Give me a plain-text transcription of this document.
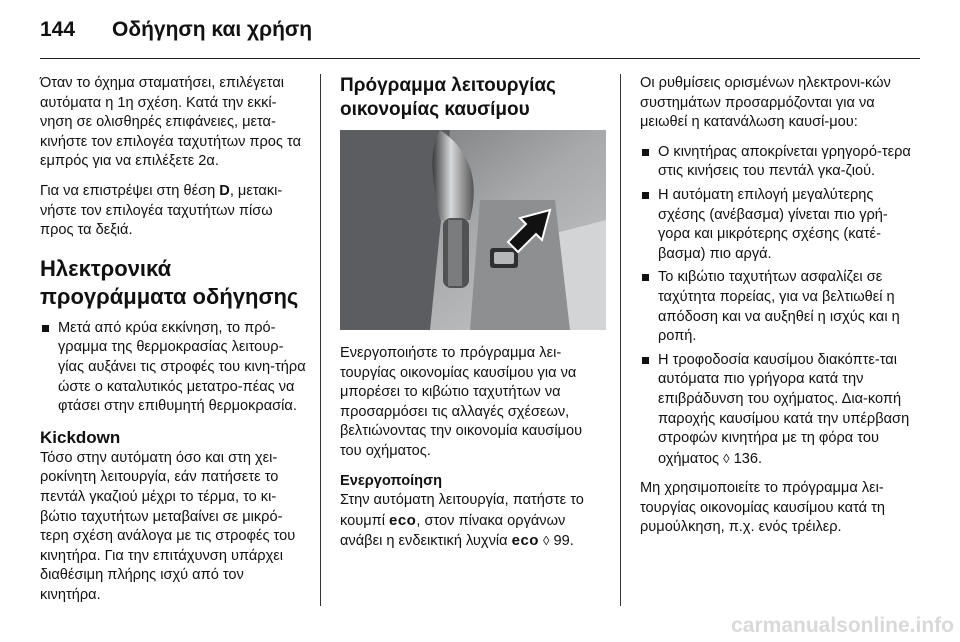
144	Οδήγηση και χρήση

Όταν το όχημα σταματήσει, επιλέγεται αυτόματα η 1η σχέση. Κατά την εκκί-νηση σε ολισθηρές επιφάνειες, μετα-κινήστε τον επιλογέα ταχυτήτων προς τα εμπρός για να επιλέξετε 2α.

Για να επιστρέψει στη θέση D, μετακι-νήστε τον επιλογέα ταχυτήτων πίσω προς τα δεξιά.

Ηλεκτρονικά προγράμματα οδήγησης
Μετά από κρύα εκκίνηση, το πρό-γραμμα της θερμοκρασίας λειτουρ-γίας αυξάνει τις στροφές του κινη-τήρα ώστε ο καταλυτικός μετατρο-πέας να φτάσει στην επιθυμητή θερμοκρασία.
Kickdown

Τόσο στην αυτόματη όσο και στη χει-ροκίνητη λειτουργία, εάν πατήσετε το πεντάλ γκαζιού μέχρι το τέρμα, το κι-βώτιο ταχυτήτων μεταβαίνει σε μικρό-τερη σχέση ανάλογα με τις στροφές του κινητήρα. Για την επιτάχυνση υπάρχει διαθέσιμη πλήρης ισχύ από τον κινητήρα.

Πρόγραμμα λειτουργίας οικονομίας καυσίμου

Ενεργοποιήστε το πρόγραμμα λει-τουργίας οικονομίας καυσίμου για να μπορέσει το κιβώτιο ταχυτήτων να προσαρμόσει τις αλλαγές σχέσεων, βελτιώνοντας την οικονομία καυσίμου του οχήματος.

Ενεργοποίηση

Στην αυτόματη λειτουργία, πατήστε το κουμπί eco, στον πίνακα οργάνων ανάβει η ενδεικτική λυχνία eco ◊ 99.

Οι ρυθμίσεις ορισμένων ηλεκτρονι-κών συστημάτων προσαρμόζονται για να μειωθεί η κατανάλωση καυσί-μου:

Ο κινητήρας αποκρίνεται γρηγορό-τερα στις κινήσεις του πεντάλ γκα-ζιού.
Η αυτόματη επιλογή μεγαλύτερης σχέσης (ανέβασμα) γίνεται πιο γρή-γορα και μικρότερης σχέσης (κατέ-βασμα) πιο αργά.
Το κιβώτιο ταχυτήτων ασφαλίζει σε ταχύτητα πορείας, για να βελτιωθεί η απόδοση και να αυξηθεί η ισχύς και η ροπή.
Η τροφοδοσία καυσίμου διακόπτε-ται αυτόματα πιο γρήγορα κατά την επιβράδυνση του οχήματος. Δια-κοπή παροχής καυσίμου κατά την υπέρβαση στροφών κινητήρα με τη φόρα του οχήματος ◊ 136.

Μη χρησιμοποιείτε το πρόγραμμα λει-τουργίας οικονομίας καυσίμου κατά τη ρυμούλκηση, π.χ. ενός τρέιλερ.

carmanualsonline.info
